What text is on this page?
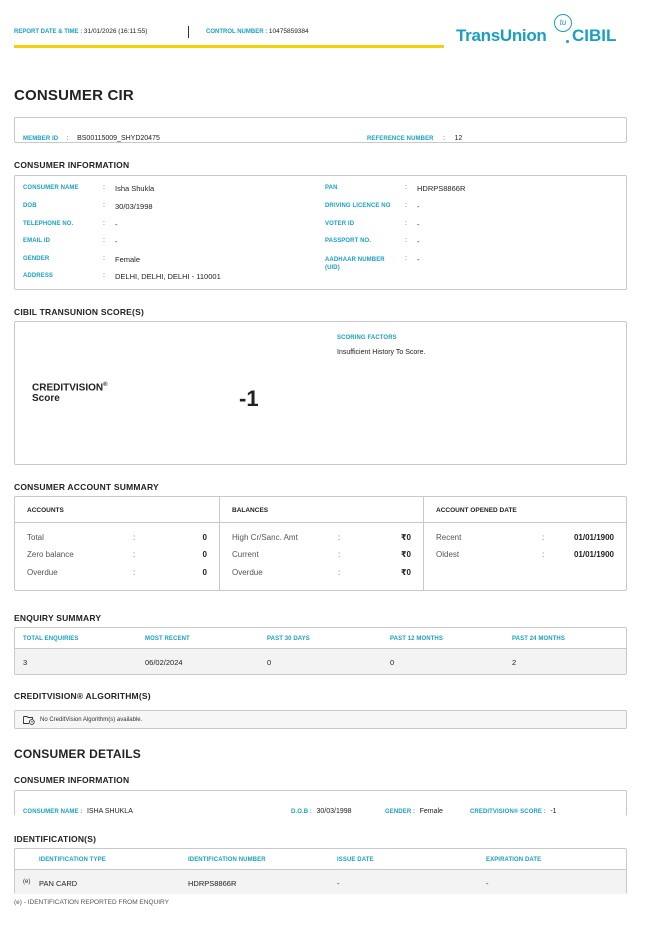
REPORT DATE & TIME : 31/01/2026 (16:11:55)	CONTROL NUMBER : 10475859384	TransUnion
tu
CIBIL
CONSUMER CIR
MEMBER ID : BS00115009_SHYD20475	REFERENCE NUMBER : 12
CONSUMER INFORMATION
CONSUMER NAME	: Isha Shukla
DOB	: 30/03/1998
TELEPHONE NO.	: -
EMAIL ID	: -
GENDER	: Female
ADDRESS	: DELHI, DELHI, DELHI - 110001
PAN	: HDRPS8866R
DRIVING LICENCE NO : -
VOTER ID	: -
PASSPORT NO.	: -
AADHAAR NUMBER
(UID)
: -
CIBIL TRANSUNION SCORE(S)
CREDITVISION®
Score	-1
SCORING FACTORS
Insufficient History To Score.
CONSUMER ACCOUNT SUMMARY
ACCOUNTS
Total	:	0
Zero balance	:	0
Overdue	:	0
BALANCES
High Cr/Sanc. Amt	:	₹0
Current	:	₹0
Overdue	:	₹0
ACCOUNT OPENED DATE
Recent	:	01/01/1900
Oldest	:	01/01/1900
ENQUIRY SUMMARY
TOTAL ENQUIRIES	MOST RECENT	PAST 30 DAYS	PAST 12 MONTHS	PAST 24 MONTHS
3	06/02/2024	0	0	2
CREDITVISION® ALGORITHM(S)
No CreditVision Algorithm(s) available.
CONSUMER DETAILS
CONSUMER INFORMATION
CONSUMER NAME : ISHA SHUKLA	D.O.B : 30/03/1998	GENDER : Female	CREDITVISION® SCORE : -1
IDENTIFICATION(S)
IDENTIFICATION TYPE	IDENTIFICATION NUMBER	ISSUE DATE	EXPIRATION DATE
(e) PAN CARD	HDRPS8866R	-	-
(e) - IDENTIFICATION REPORTED FROM ENQUIRY
